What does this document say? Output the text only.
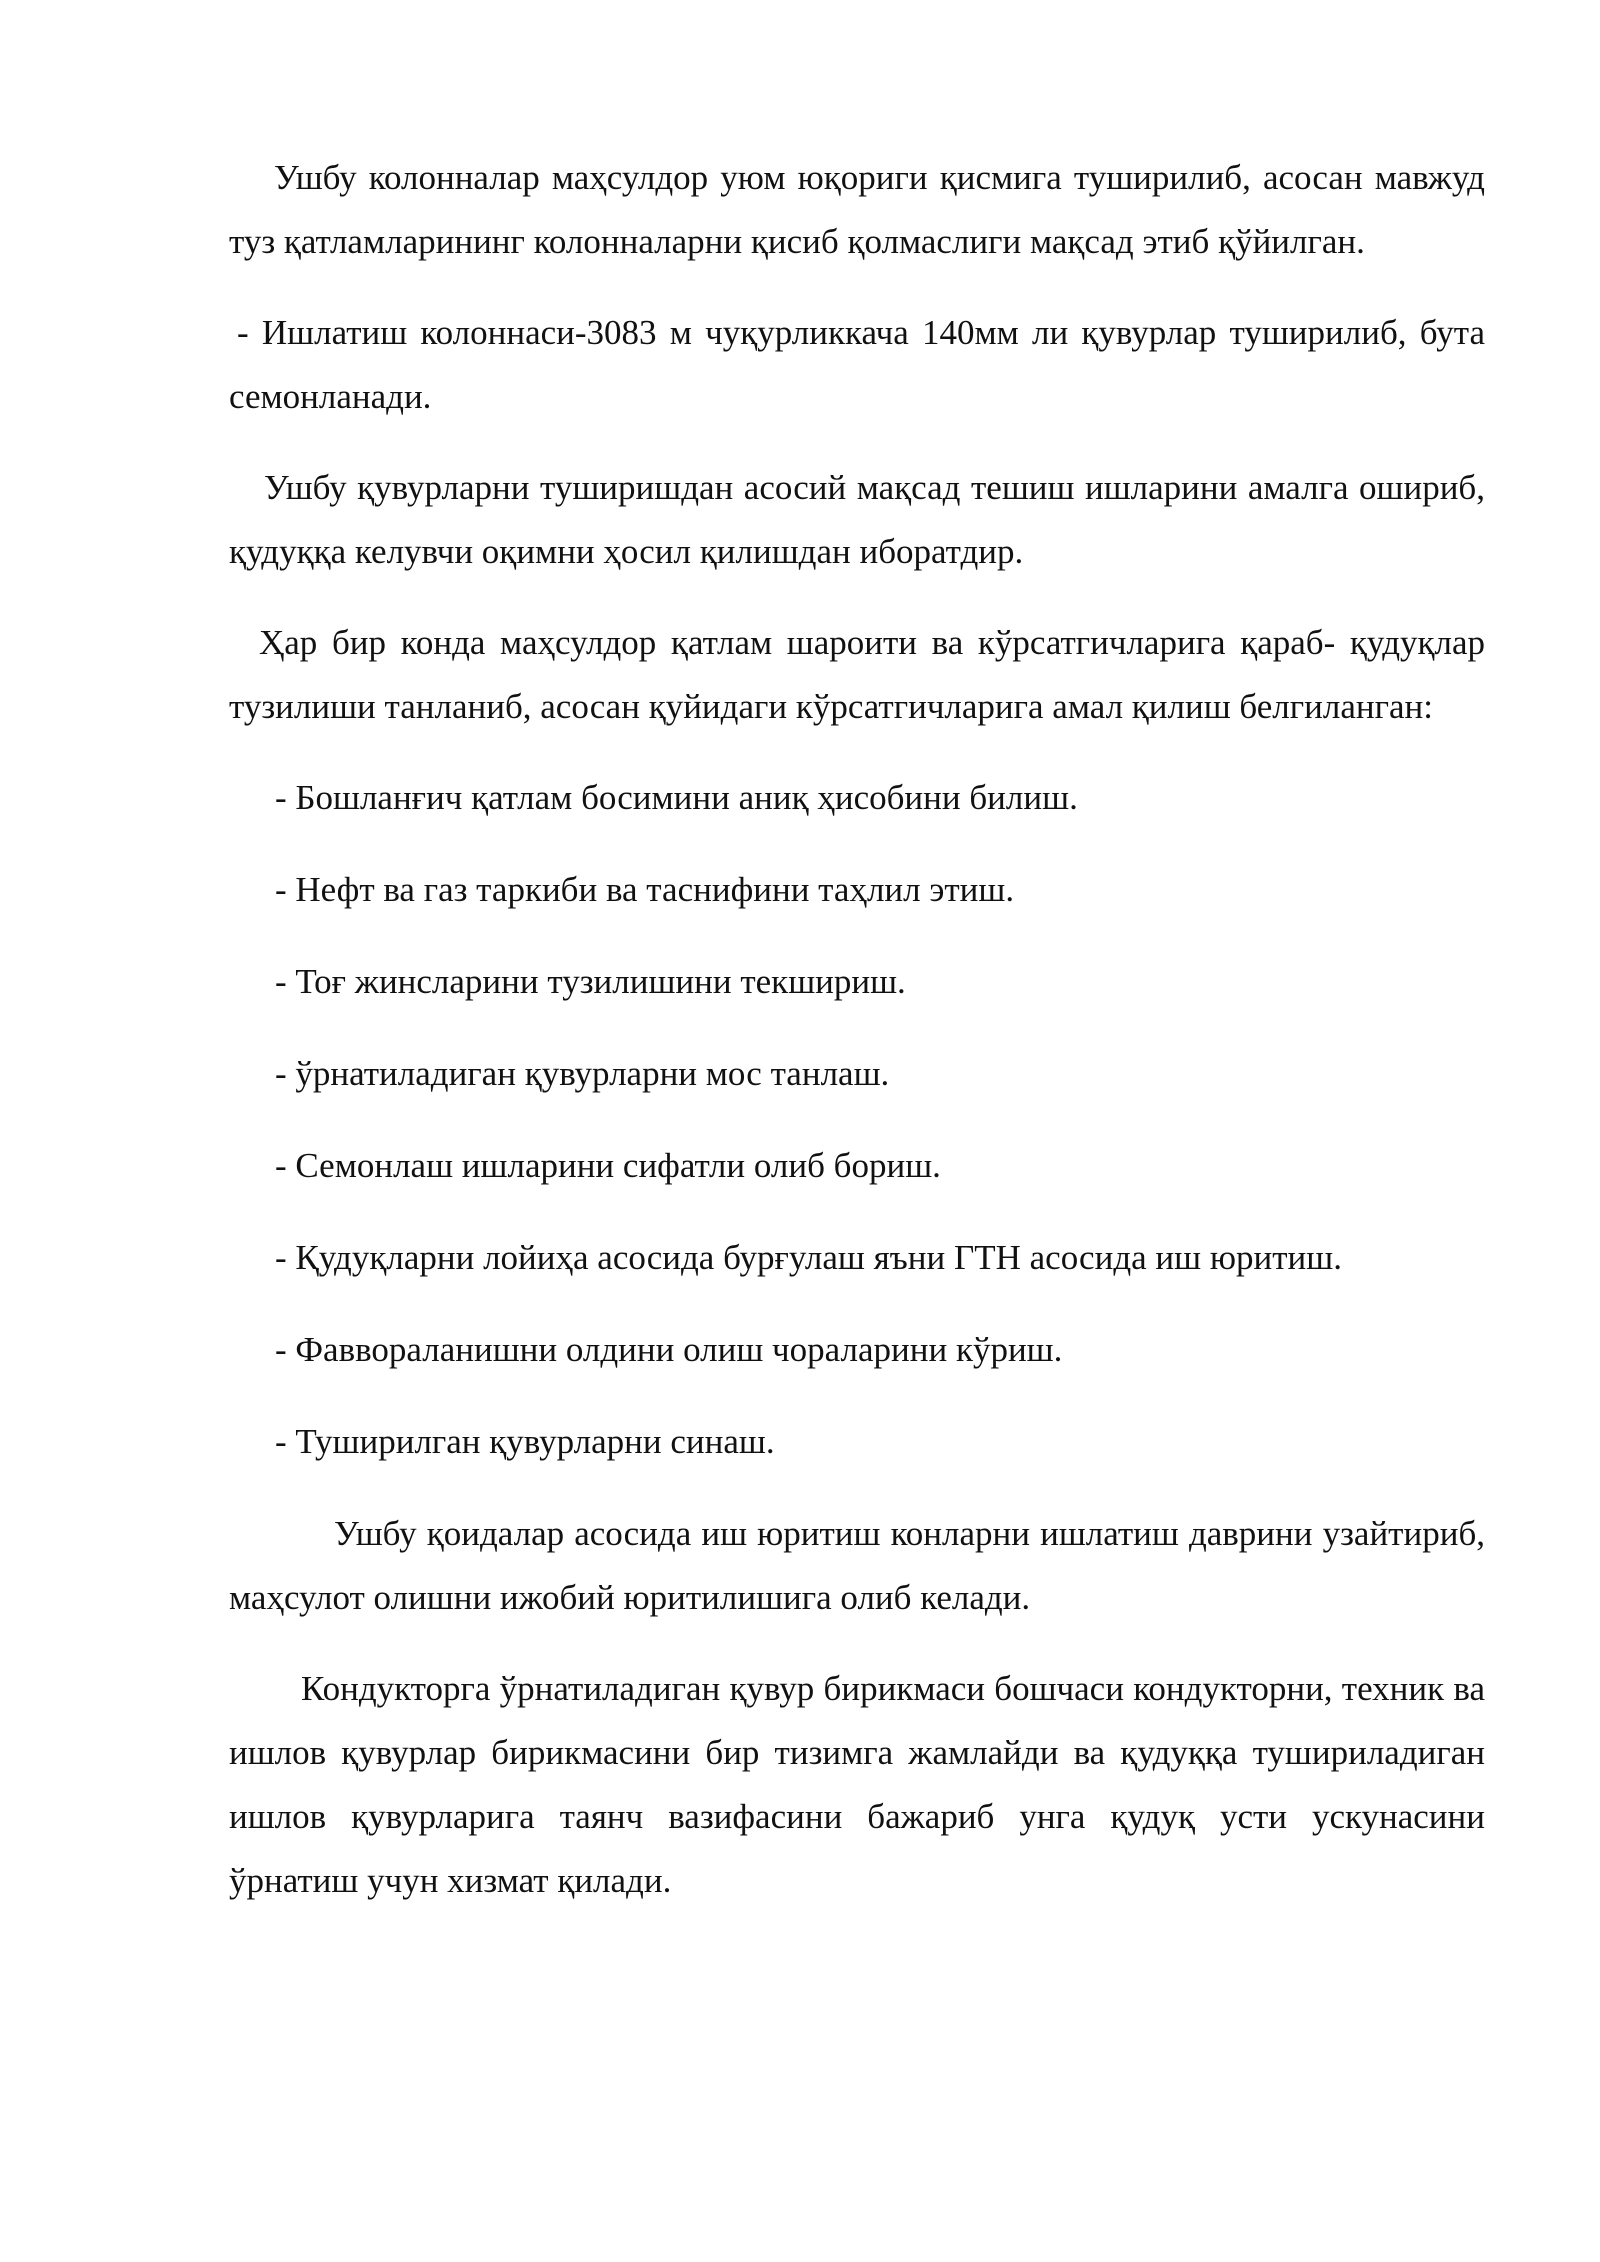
Ушбу колонналар маҳсулдор уюм юқориги қисмига туширилиб, асосан мавжуд туз қатламларининг колонналарни қисиб қолмаслиги мақсад этиб қўйилган.

- Ишлатиш колоннаси-3083 м чуқурликкача 140мм ли қувурлар туширилиб, бута семонланади.

Ушбу қувурларни туширишдан асосий мақсад тешиш ишларини амалга ошириб, қудуққа келувчи оқимни ҳосил қилишдан иборатдир.

Ҳар бир конда маҳсулдор қатлам шароити ва кўрсатгичларига қараб- қудуқлар тузилиши танланиб, асосан қуйидаги кўрсатгичларига амал қилиш белгиланган:

- Бошланғич қатлам босимини аниқ ҳисобини билиш.
- Нефт ва газ таркиби ва таснифини таҳлил этиш.
- Тоғ жинсларини тузилишини текшириш.
- ўрнатиладиган қувурларни мос танлаш.
- Семонлаш ишларини сифатли олиб бориш.
- Қудуқларни лойиҳа асосида бурғулаш яъни ГТН асосида иш юритиш.
- Фаввораланишни олдини олиш чораларини кўриш.
- Туширилган қувурларни синаш.

Ушбу қоидалар асосида иш юритиш конларни ишлатиш даврини узайтириб, маҳсулот олишни ижобий юритилишига олиб келади.

Кондукторга ўрнатиладиган қувур бирикмаси бошчаси кондукторни, техник ва ишлов қувурлар бирикмасини бир тизимга жамлайди ва қудуққа тушириладиган ишлов қувурларига таянч вазифасини бажариб унга қудуқ усти ускунасини ўрнатиш учун хизмат қилади.
